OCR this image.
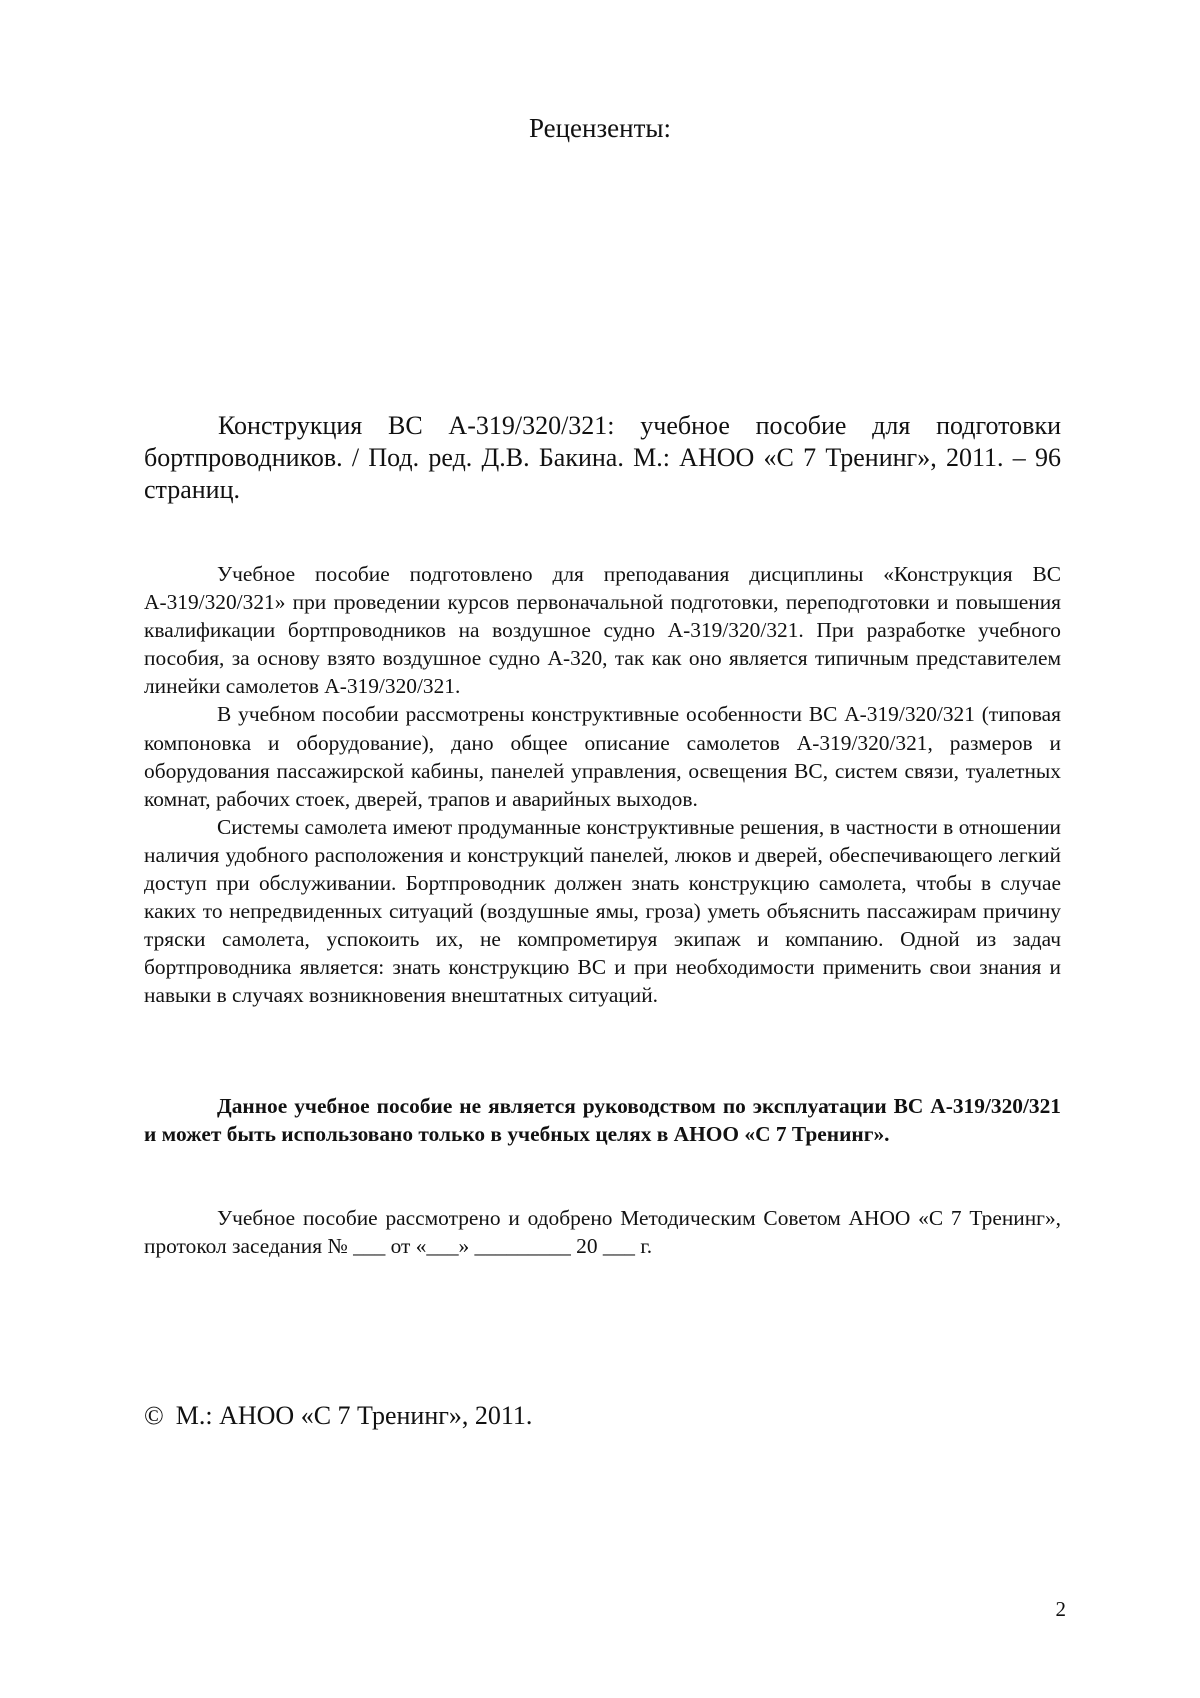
Рецензенты:

Конструкция ВС А-319/320/321: учебное пособие для подготовки бортпроводников. / Под. ред. Д.В. Бакина. М.: АНОО «С 7 Тренинг», 2011. – 96 страниц.

Учебное пособие подготовлено для преподавания дисциплины «Конструкция ВС А-319/320/321» при проведении курсов первоначальной подготовки, переподготовки и повышения квалификации бортпроводников на воздушное судно А-319/320/321. При разработке учебного пособия, за основу взято воздушное судно А-320, так как оно является типичным представителем линейки самолетов А-319/320/321.

В учебном пособии рассмотрены конструктивные особенности ВС А-319/320/321 (типовая компоновка и оборудование), дано общее описание самолетов А-319/320/321, размеров и оборудования пассажирской кабины, панелей управления, освещения ВС, систем связи, туалетных комнат, рабочих стоек, дверей, трапов и аварийных выходов.

Системы самолета имеют продуманные конструктивные решения, в частности в отношении наличия удобного расположения и конструкций панелей, люков и дверей, обеспечивающего легкий доступ при обслуживании. Бортпроводник должен знать конструкцию самолета, чтобы в случае каких то непредвиденных ситуаций (воздушные ямы, гроза) уметь объяснить пассажирам причину тряски самолета, успокоить их, не компрометируя экипаж и компанию. Одной из задач бортпроводника является: знать конструкцию ВС и при необходимости применить свои знания и навыки в случаях возникновения внештатных ситуаций.

Данное учебное пособие не является руководством по эксплуатации ВС А-319/320/321 и может быть использовано только в учебных целях в АНОО «С 7 Тренинг».

Учебное пособие рассмотрено и одобрено Методическим Советом АНОО «С 7 Тренинг», протокол заседания № ___ от «___» _________ 20 ___ г.

© М.: АНОО «С 7 Тренинг», 2011.
2
